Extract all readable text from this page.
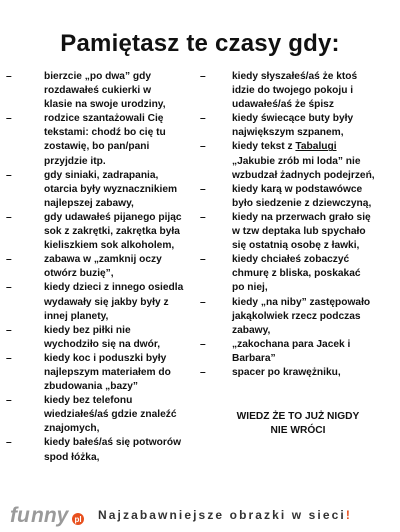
Pamiętasz te czasy gdy:
–	bierzcie „po dwa” gdy
rozdawałeś cukierki w
klasie na swoje urodziny,
–	rodzice szantażowali Cię
tekstami: chodź bo cię tu
zostawię, bo pan/pani
przyjdzie itp.
–	gdy siniaki, zadrapania,
otarcia były wyznacznikiem
najlepszej zabawy,
–	gdy udawałeś pijanego pijąc
sok z zakrętki, zakrętka była
kieliszkiem sok alkoholem,
–	zabawa w „zamknij oczy
otwórz buzię”,
–	kiedy dzieci z innego osiedla
wydawały się jakby były z
innej planety,
–	kiedy bez piłki nie
wychodziło się na dwór,
–	kiedy koc i poduszki były
najlepszym materiałem do
zbudowania „bazy”
–	kiedy bez telefonu
wiedziałeś/aś gdzie znaleźć
znajomych,
–	kiedy bałeś/aś się potworów
spod łóżka,
–	kiedy słyszałeś/aś że ktoś
idzie do twojego pokoju i
udawałeś/aś że śpisz
–	kiedy świecące buty były
największym szpanem,
–	kiedy tekst z Tabalugi
„Jakubie zrób mi loda” nie
wzbudzał żadnych podejrzeń,
–	kiedy karą w podstawówce
było siedzenie z dziewczyną,
–	kiedy na przerwach grało się
w tzw deptaka lub spychało
się ostatnią osobę z ławki,
–	kiedy chciałeś zobaczyć
chmurę z bliska, poskakać
po niej,
–	kiedy „na niby” zastępowało
jakąkolwiek rzecz podczas
zabawy,
–	„zakochana para Jacek i
Barbara”
–	spacer po krawężniku,
WIEDZ ŻE TO JUŻ NIGDY
NIE WRÓCI
fu nny pl Najzabawniejsze obrazki w sieci!
